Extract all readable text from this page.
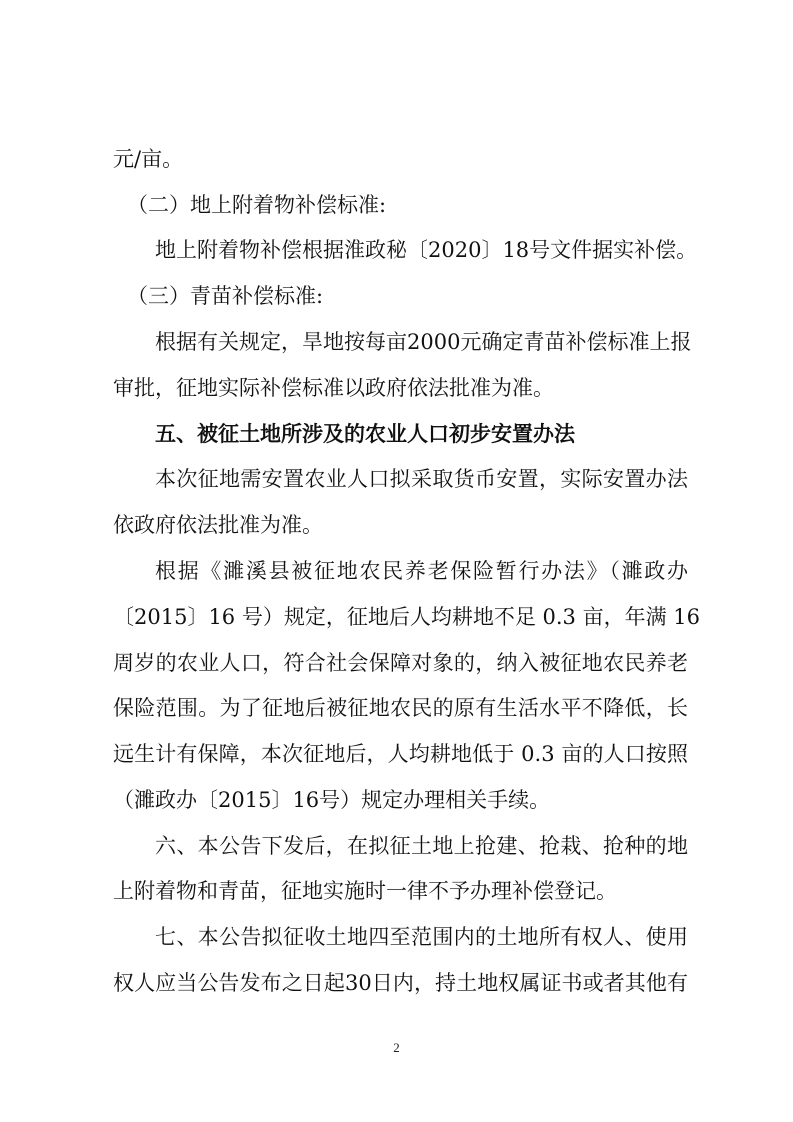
元/亩。
（二）地上附着物补偿标准:
地上附着物补偿根据淮政秘〔2020〕18号文件据实补偿。
（三）青苗补偿标准:
根据有关规定，旱地按每亩2000元确定青苗补偿标准上报
审批，征地实际补偿标准以政府依法批准为准。
五、被征土地所涉及的农业人口初步安置办法
本次征地需安置农业人口拟采取货币安置，实际安置办法
依政府依法批准为准。
根据《濉溪县被征地农民养老保险暂行办法》（濉政办
〔2015〕16 号）规定，征地后人均耕地不足 0.3 亩，年满 16
周岁的农业人口，符合社会保障对象的，纳入被征地农民养老
保险范围。为了征地后被征地农民的原有生活水平不降低，长
远生计有保障，本次征地后，人均耕地低于 0.3 亩的人口按照
（濉政办〔2015〕16号）规定办理相关手续。
六、本公告下发后，在拟征土地上抢建、抢栽、抢种的地
上附着物和青苗，征地实施时一律不予办理补偿登记。
七、本公告拟征收土地四至范围内的土地所有权人、使用
权人应当公告发布之日起30日内，持土地权属证书或者其他有
2
